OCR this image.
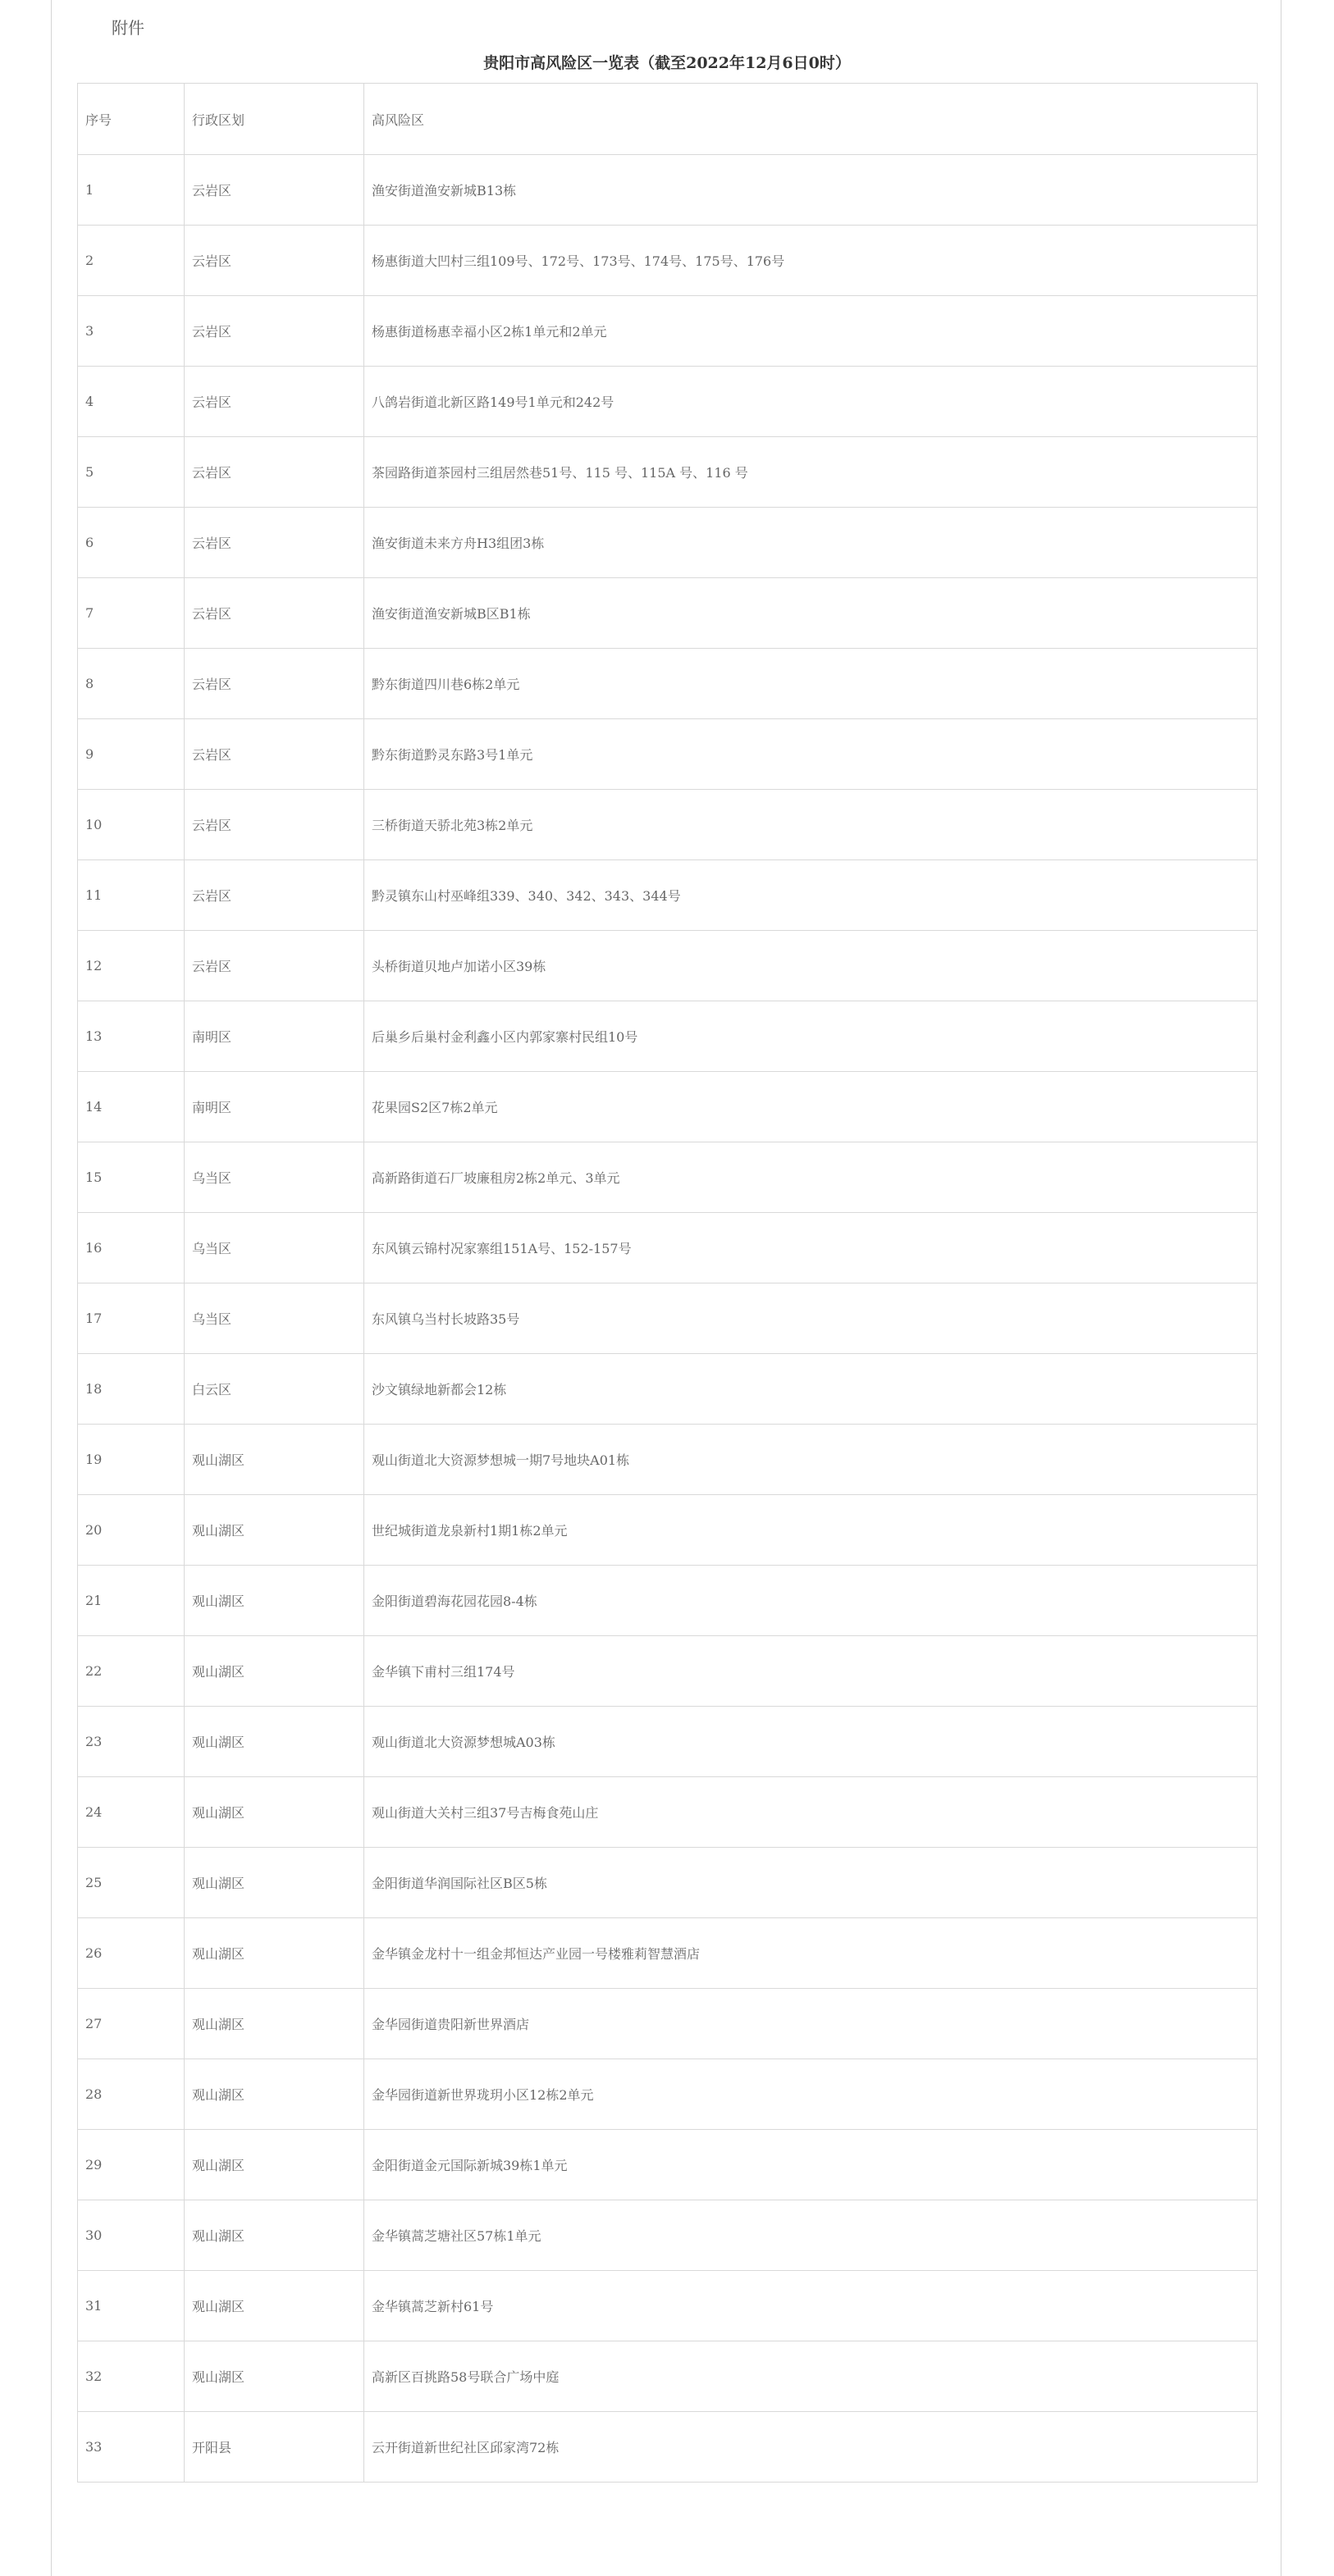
附件
贵阳市高风险区一览表（截至2022年12月6日0时）
序号	行政区划	高风险区
1	云岩区	渔安街道渔安新城B13栋
2	云岩区	杨惠街道大凹村三组109号、172号、173号、174号、175号、176号
3	云岩区	杨惠街道杨惠幸福小区2栋1单元和2单元
4	云岩区	八鸽岩街道北新区路149号1单元和242号
5	云岩区	茶园路街道茶园村三组居然巷51号、115 号、115A 号、116 号
6	云岩区	渔安街道未来方舟H3组团3栋
7	云岩区	渔安街道渔安新城B区B1栋
8	云岩区	黔东街道四川巷6栋2单元
9	云岩区	黔东街道黔灵东路3号1单元
10	云岩区	三桥街道天骄北苑3栋2单元
11	云岩区	黔灵镇东山村巫峰组339、340、342、343、344号
12	云岩区	头桥街道贝地卢加诺小区39栋
13	南明区	后巢乡后巢村金利鑫小区内郭家寨村民组10号
14	南明区	花果园S2区7栋2单元
15	乌当区	高新路街道石厂坡廉租房2栋2单元、3单元
16	乌当区	东风镇云锦村况家寨组151A号、152-157号
17	乌当区	东风镇乌当村长坡路35号
18	白云区	沙文镇绿地新都会12栋
19	观山湖区	观山街道北大资源梦想城一期7号地块A01栋
20	观山湖区	世纪城街道龙泉新村1期1栋2单元
21	观山湖区	金阳街道碧海花园花园8-4栋
22	观山湖区	金华镇下甫村三组174号
23	观山湖区	观山街道北大资源梦想城A03栋
24	观山湖区	观山街道大关村三组37号吉梅食苑山庄
25	观山湖区	金阳街道华润国际社区B区5栋
26	观山湖区	金华镇金龙村十一组金邦恒达产业园一号楼雅莉智慧酒店
27	观山湖区	金华园街道贵阳新世界酒店
28	观山湖区	金华园街道新世界珑玥小区12栋2单元
29	观山湖区	金阳街道金元国际新城39栋1单元
30	观山湖区	金华镇蒿芝塘社区57栋1单元
31	观山湖区	金华镇蒿芝新村61号
32	观山湖区	高新区百挑路58号联合广场中庭
33	开阳县	云开街道新世纪社区邱家湾72栋
